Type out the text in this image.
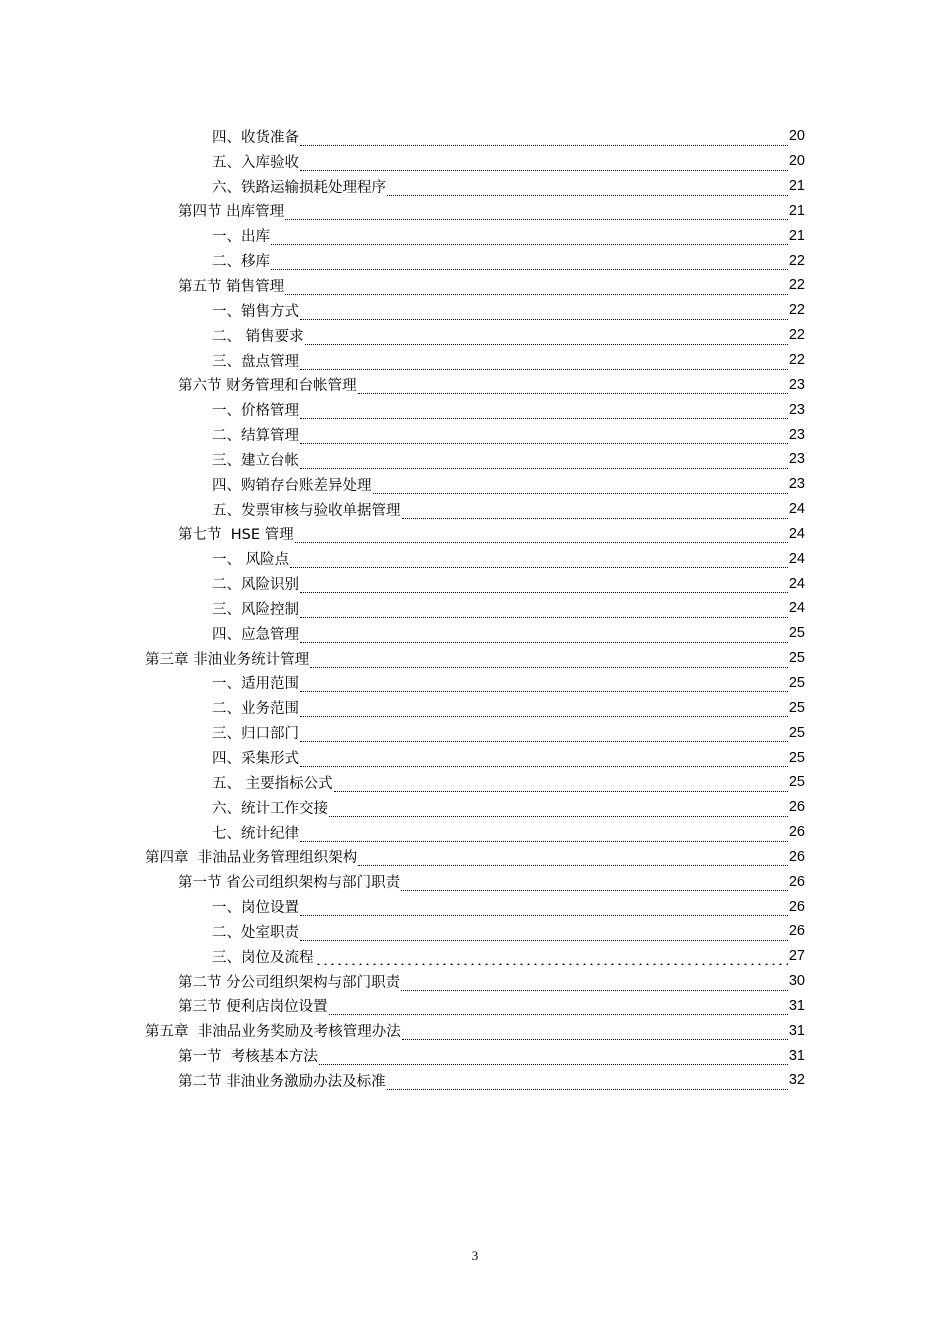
四、收货准备	20
五、入库验收	20
六、铁路运输损耗处理程序	21
第四节 出库管理	21
一、出库	21
二、移库	22
第五节 销售管理	22
一、销售方式	22
二、 销售要求	22
三、盘点管理	22
第六节 财务管理和台帐管理	23
一、价格管理	23
二、结算管理	23
三、建立台帐	23
四、购销存台账差异处理	23
五、发票审核与验收单据管理	24
第七节  HSE 管理	24
一、 风险点	24
二、风险识别	24
三、风险控制	24
四、应急管理	25
第三章 非油业务统计管理	25
一、适用范围	25
二、业务范围	25
三、归口部门	25
四、采集形式	25
五、 主要指标公式	25
六、统计工作交接	26
七、统计纪律	26
第四章  非油品业务管理组织架构	26
第一节 省公司组织架构与部门职责	26
一、岗位设置	26
二、处室职责	26
三、岗位及流程	27
第二节 分公司组织架构与部门职责	30
第三节 便利店岗位设置	31
第五章  非油品业务奖励及考核管理办法	31
第一节  考核基本方法	31
第二节 非油业务激励办法及标准	32
3
